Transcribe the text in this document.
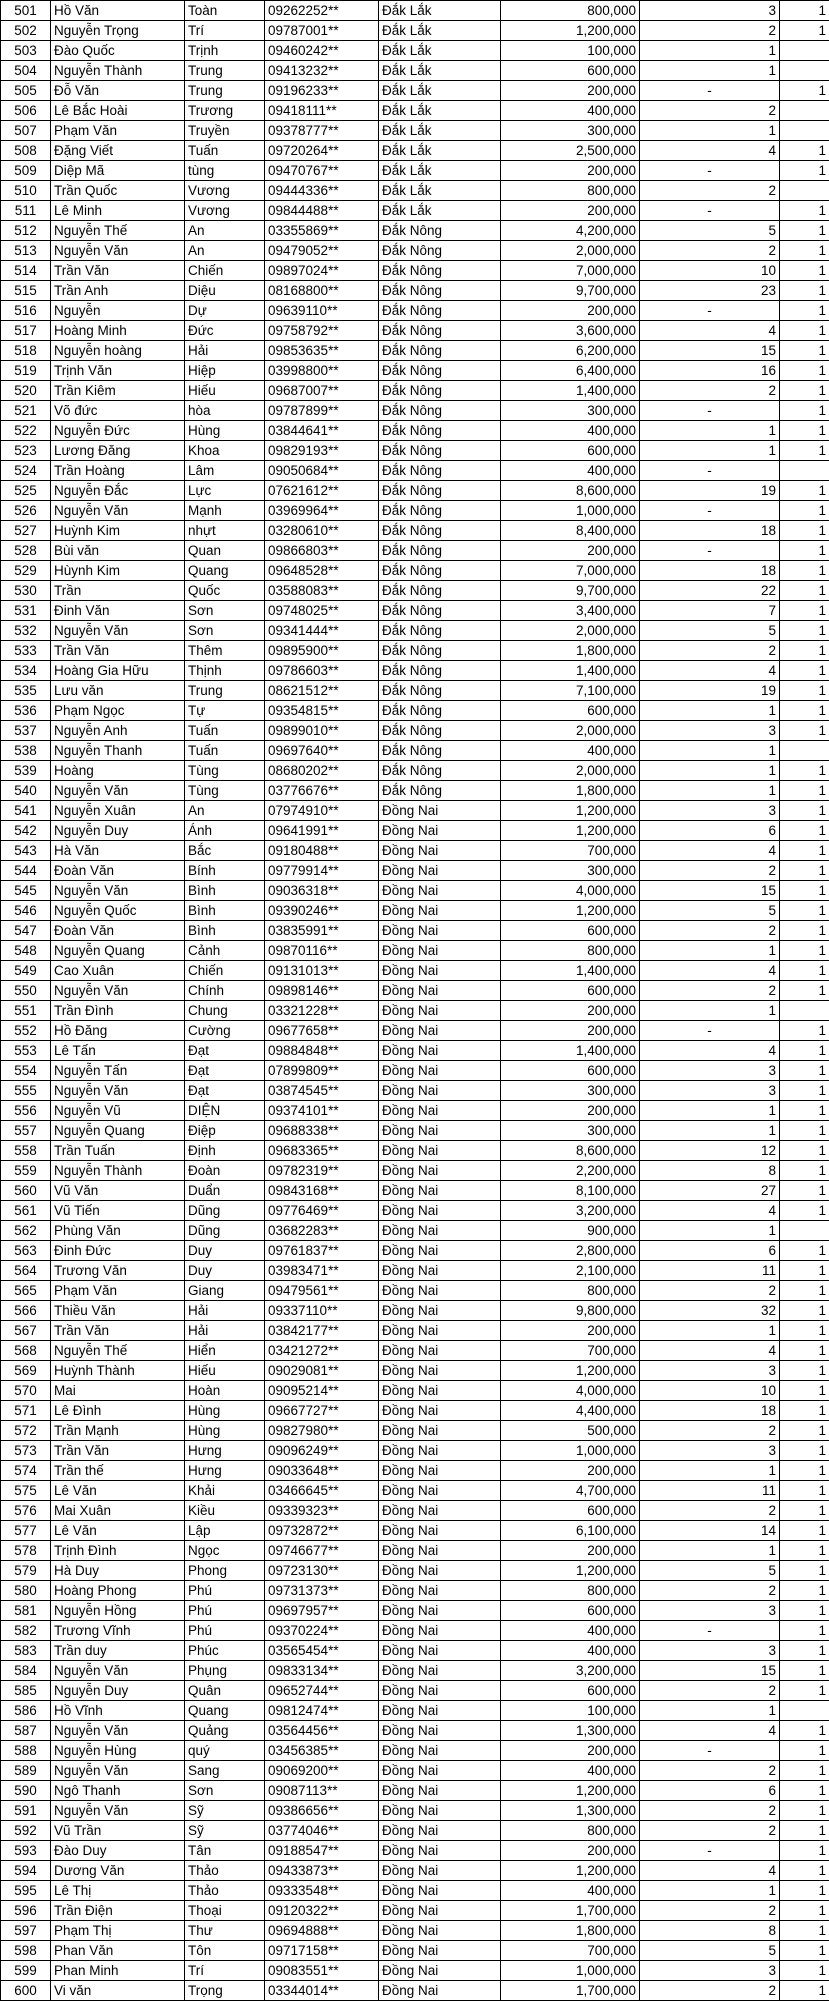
501	Hồ Văn	Toàn	09262252**	Đắk Lắk	800,000	3	1
502	Nguyễn Trọng	Trí	09787001**	Đắk Lắk	1,200,000	2	1
503	Đào Quốc	Trịnh	09460242**	Đắk Lắk	100,000	1	
504	Nguyễn Thành	Trung	09413232**	Đắk Lắk	600,000	1	
505	Đỗ Văn	Trung	09196233**	Đắk Lắk	200,000	-	1
506	Lê Bắc Hoài	Trương	09418111**	Đắk Lắk	400,000	2	
507	Phạm Văn	Truyền	09378777**	Đắk Lắk	300,000	1	
508	Đặng Viết	Tuấn	09720264**	Đắk Lắk	2,500,000	4	1
509	Diệp Mã	tùng	09470767**	Đắk Lắk	200,000	-	1
510	Trần Quốc	Vương	09444336**	Đắk Lắk	800,000	2	
511	Lê Minh	Vương	09844488**	Đắk Lắk	200,000	-	1
512	Nguyễn Thế	An	03355869**	Đắk Nông	4,200,000	5	1
513	Nguyễn Văn	An	09479052**	Đắk Nông	2,000,000	2	1
514	Trần Văn	Chiến	09897024**	Đắk Nông	7,000,000	10	1
515	Trần Anh	Diệu	08168800**	Đắk Nông	9,700,000	23	1
516	Nguyễn	Dự	09639110**	Đắk Nông	200,000	-	1
517	Hoàng Minh	Đức	09758792**	Đắk Nông	3,600,000	4	1
518	Nguyễn hoàng	Hải	09853635**	Đắk Nông	6,200,000	15	1
519	Trịnh Văn	Hiệp	03998800**	Đắk Nông	6,400,000	16	1
520	Trần Kiêm	Hiếu	09687007**	Đắk Nông	1,400,000	2	1
521	Võ đức	hòa	09787899**	Đắk Nông	300,000	-	1
522	Nguyễn Đức	Hùng	03844641**	Đắk Nông	400,000	1	1
523	Lương Đăng	Khoa	09829193**	Đắk Nông	600,000	1	1
524	Trần Hoàng	Lâm	09050684**	Đắk Nông	400,000	-	
525	Nguyễn Đắc	Lực	07621612**	Đắk Nông	8,600,000	19	1
526	Nguyễn Văn	Mạnh	03969964**	Đắk Nông	1,000,000	-	1
527	Huỳnh Kim	nhựt	03280610**	Đắk Nông	8,400,000	18	1
528	Bùi văn	Quan	09866803**	Đắk Nông	200,000	-	1
529	Hùynh Kim	Quang	09648528**	Đắk Nông	7,000,000	18	1
530	Trần	Quốc	03588083**	Đắk Nông	9,700,000	22	1
531	Đinh Văn	Sơn	09748025**	Đắk Nông	3,400,000	7	1
532	Nguyễn Văn	Sơn	09341444**	Đắk Nông	2,000,000	5	1
533	Trần Văn	Thêm	09895900**	Đắk Nông	1,800,000	2	1
534	Hoàng Gia Hữu	Thịnh	09786603**	Đắk Nông	1,400,000	4	1
535	Lưu văn	Trung	08621512**	Đắk Nông	7,100,000	19	1
536	Phạm Ngọc	Tự	09354815**	Đắk Nông	600,000	1	1
537	Nguyễn Anh	Tuấn	09899010**	Đắk Nông	2,000,000	3	1
538	Nguyễn Thanh	Tuấn	09697640**	Đắk Nông	400,000	1	
539	Hoàng	Tùng	08680202**	Đắk Nông	2,000,000	1	1
540	Nguyễn Văn	Tùng	03776676**	Đắk Nông	1,800,000	1	1
541	Nguyễn Xuân	An	07974910**	Đồng Nai	1,200,000	3	1
542	Nguyễn Duy	Ánh	09641991**	Đồng Nai	1,200,000	6	1
543	Hà Văn	Bắc	09180488**	Đồng Nai	700,000	4	1
544	Đoàn Văn	Bính	09779914**	Đồng Nai	300,000	2	1
545	Nguyễn Văn	Bình	09036318**	Đồng Nai	4,000,000	15	1
546	Nguyễn Quốc	Bình	09390246**	Đồng Nai	1,200,000	5	1
547	Đoàn Văn	Bình	03835991**	Đồng Nai	600,000	2	1
548	Nguyễn Quang	Cảnh	09870116**	Đồng Nai	800,000	1	1
549	Cao Xuân	Chiến	09131013**	Đồng Nai	1,400,000	4	1
550	Nguyễn Văn	Chính	09898146**	Đồng Nai	600,000	2	1
551	Trần Đình	Chung	03321228**	Đồng Nai	200,000	1	
552	Hồ Đăng	Cường	09677658**	Đồng Nai	200,000	-	1
553	Lê Tấn	Đạt	09884848**	Đồng Nai	1,400,000	4	1
554	Nguyễn Tấn	Đạt	07899809**	Đồng Nai	600,000	3	1
555	Nguyễn Văn	Đạt	03874545**	Đồng Nai	300,000	3	1
556	Nguyễn Vũ	DIỆN	09374101**	Đồng Nai	200,000	1	1
557	Nguyễn Quang	Điệp	09688338**	Đồng Nai	300,000	1	1
558	Trần Tuấn	Định	09683365**	Đồng Nai	8,600,000	12	1
559	Nguyễn Thành	Đoàn	09782319**	Đồng Nai	2,200,000	8	1
560	Vũ Văn	Duẩn	09843168**	Đồng Nai	8,100,000	27	1
561	Vũ Tiến	Dũng	09776469**	Đồng Nai	3,200,000	4	1
562	Phùng Văn	Dũng	03682283**	Đồng Nai	900,000	1	
563	Đinh Đức	Duy	09761837**	Đồng Nai	2,800,000	6	1
564	Trương Văn	Duy	03983471**	Đồng Nai	2,100,000	11	1
565	Phạm Văn	Giang	09479561**	Đồng Nai	800,000	2	1
566	Thiều Văn	Hải	09337110**	Đồng Nai	9,800,000	32	1
567	Trần Văn	Hải	03842177**	Đồng Nai	200,000	1	1
568	Nguyễn Thế	Hiển	03421272**	Đồng Nai	700,000	4	1
569	Huỳnh Thành	Hiếu	09029081**	Đồng Nai	1,200,000	3	1
570	Mai	Hoàn	09095214**	Đồng Nai	4,000,000	10	1
571	Lê Đình	Hùng	09667727**	Đồng Nai	4,400,000	18	1
572	Trần Mạnh	Hùng	09827980**	Đồng Nai	500,000	2	1
573	Trần Văn	Hưng	09096249**	Đồng Nai	1,000,000	3	1
574	Trần thế	Hưng	09033648**	Đồng Nai	200,000	1	1
575	Lê Văn	Khải	03466645**	Đồng Nai	4,700,000	11	1
576	Mai Xuân	Kiều	09339323**	Đồng Nai	600,000	2	1
577	Lê Văn	Lập	09732872**	Đồng Nai	6,100,000	14	1
578	Trịnh Đình	Ngọc	09746677**	Đồng Nai	200,000	1	1
579	Hà Duy	Phong	09723130**	Đồng Nai	1,200,000	5	1
580	Hoàng Phong	Phú	09731373**	Đồng Nai	800,000	2	1
581	Nguyễn Hồng	Phú	09697957**	Đồng Nai	600,000	3	1
582	Trương Vĩnh	Phú	09370224**	Đồng Nai	400,000	-	1
583	Trần duy	Phúc	03565454**	Đồng Nai	400,000	3	1
584	Nguyễn Văn	Phụng	09833134**	Đồng Nai	3,200,000	15	1
585	Nguyễn Duy	Quân	09652744**	Đồng Nai	600,000	2	1
586	Hồ Vĩnh	Quang	09812474**	Đồng Nai	100,000	1	
587	Nguyễn Văn	Quảng	03564456**	Đồng Nai	1,300,000	4	1
588	Nguyễn Hùng	quý	03456385**	Đồng Nai	200,000	-	1
589	Nguyễn Văn	Sang	09069200**	Đồng Nai	400,000	2	1
590	Ngô Thanh	Sơn	09087113**	Đồng Nai	1,200,000	6	1
591	Nguyễn Văn	Sỹ	09386656**	Đồng Nai	1,300,000	2	1
592	Vũ Trần	Sỹ	03774046**	Đồng Nai	800,000	2	1
593	Đào Duy	Tân	09188547**	Đồng Nai	200,000	-	1
594	Dương Văn	Thảo	09433873**	Đồng Nai	1,200,000	4	1
595	Lê Thị	Thảo	09333548**	Đồng Nai	400,000	1	1
596	Trần Điện	Thoại	09120322**	Đồng Nai	1,700,000	2	1
597	Phạm Thị	Thư	09694888**	Đồng Nai	1,800,000	8	1
598	Phan Văn	Tôn	09717158**	Đồng Nai	700,000	5	1
599	Phan Minh	Trí	09083551**	Đồng Nai	1,000,000	3	1
600	Vi văn	Trọng	03344014**	Đồng Nai	1,700,000	2	1
